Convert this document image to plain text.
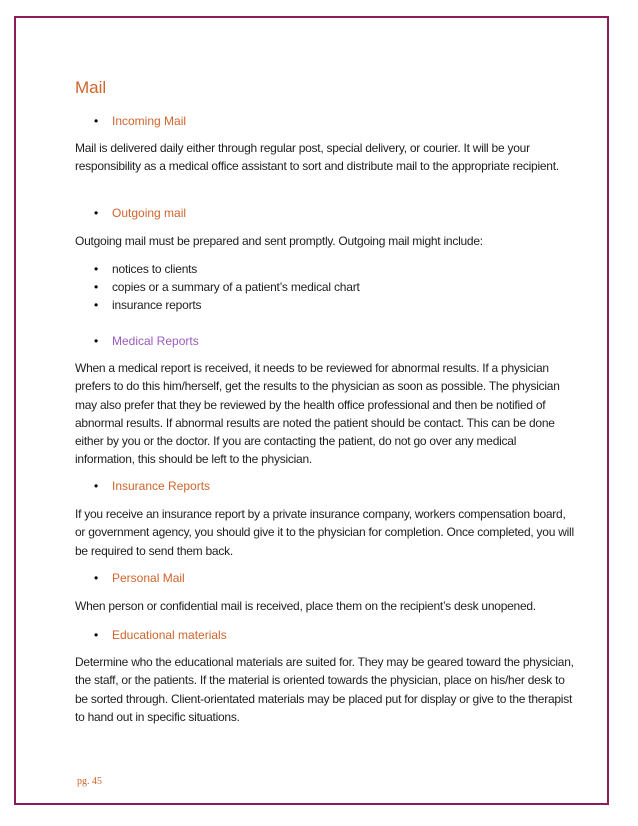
Mail
• Incoming Mail

Mail is delivered daily either through regular post, special delivery, or courier. It will be your responsibility as a medical office assistant to sort and distribute mail to the appropriate recipient.

• Outgoing mail

Outgoing mail must be prepared and sent promptly. Outgoing mail might include:

• notices to clients
• copies or a summary of a patient’s medical chart
• insurance reports
• Medical Reports

When a medical report is received, it needs to be reviewed for abnormal results. If a physician prefers to do this him/herself, get the results to the physician as soon as possible. The physician may also prefer that they be reviewed by the health office professional and then be notified of abnormal results. If abnormal results are noted the patient should be contact. This can be done either by you or the doctor. If you are contacting the patient, do not go over any medical information, this should be left to the physician.

• Insurance Reports

If you receive an insurance report by a private insurance company, workers compensation board, or government agency, you should give it to the physician for completion. Once completed, you will be required to send them back.

• Personal Mail

When person or confidential mail is received, place them on the recipient’s desk unopened.

• Educational materials

Determine who the educational materials are suited for. They may be geared toward the physician, the staff, or the patients. If the material is oriented towards the physician, place on his/her desk to be sorted through. Client-orientated materials may be placed put for display or give to the therapist to hand out in specific situations.

pg. 45
